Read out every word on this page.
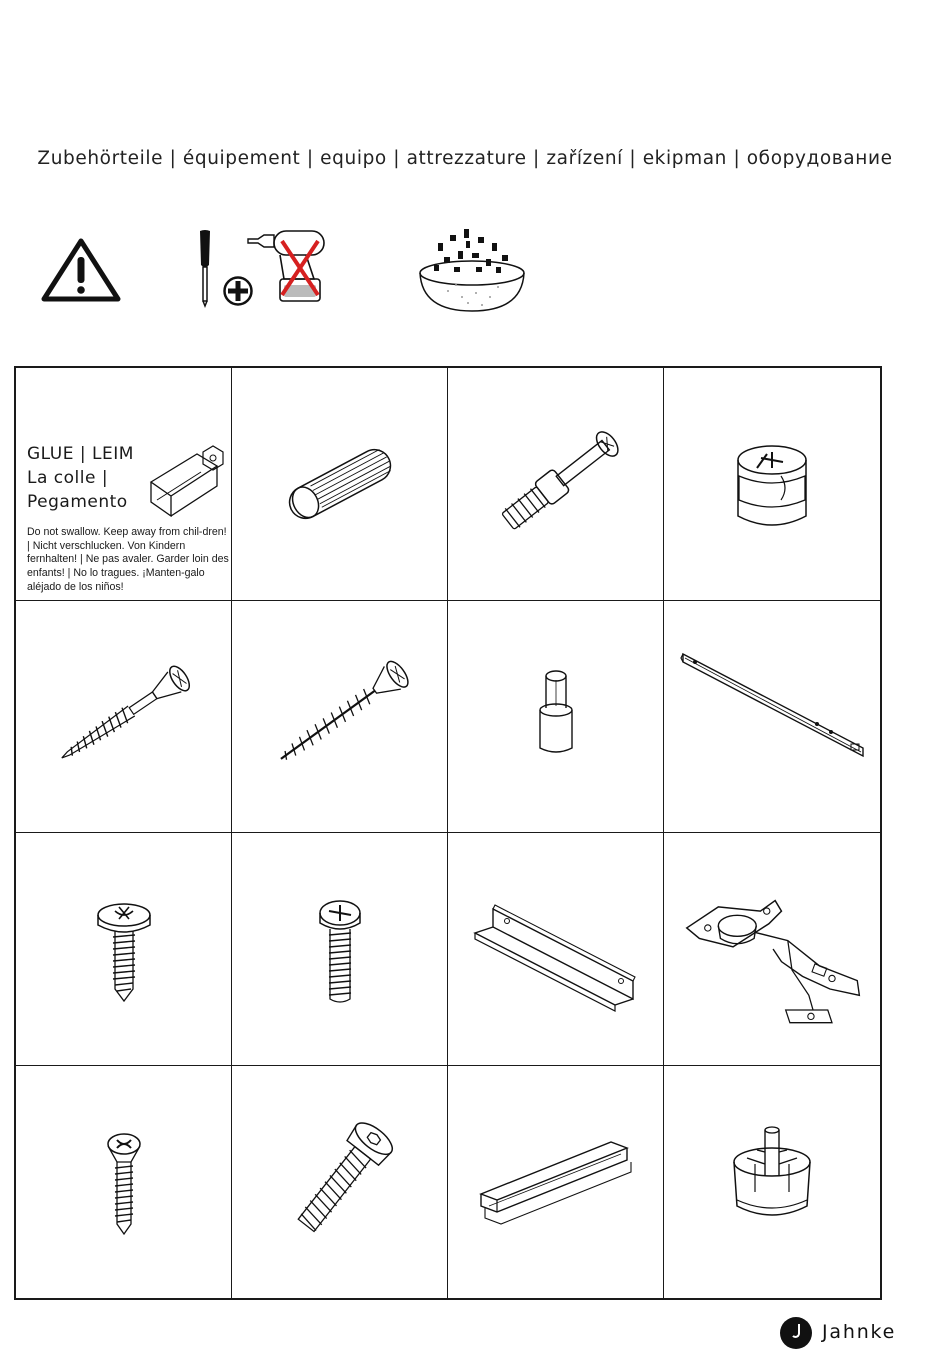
Zubehörteile | équipement | equipo | attrezzature | zařízení | ekipman | оборудование
GLUE | LEIM
La colle |
Pegamento
Do not swallow. Keep away from chil-dren! | Nicht verschlucken. Von Kindern fernhalten! | Ne pas avaler. Garder loin des enfants! | No lo tragues. ¡Manten-galo aléjado de los niños!
Jahnke
